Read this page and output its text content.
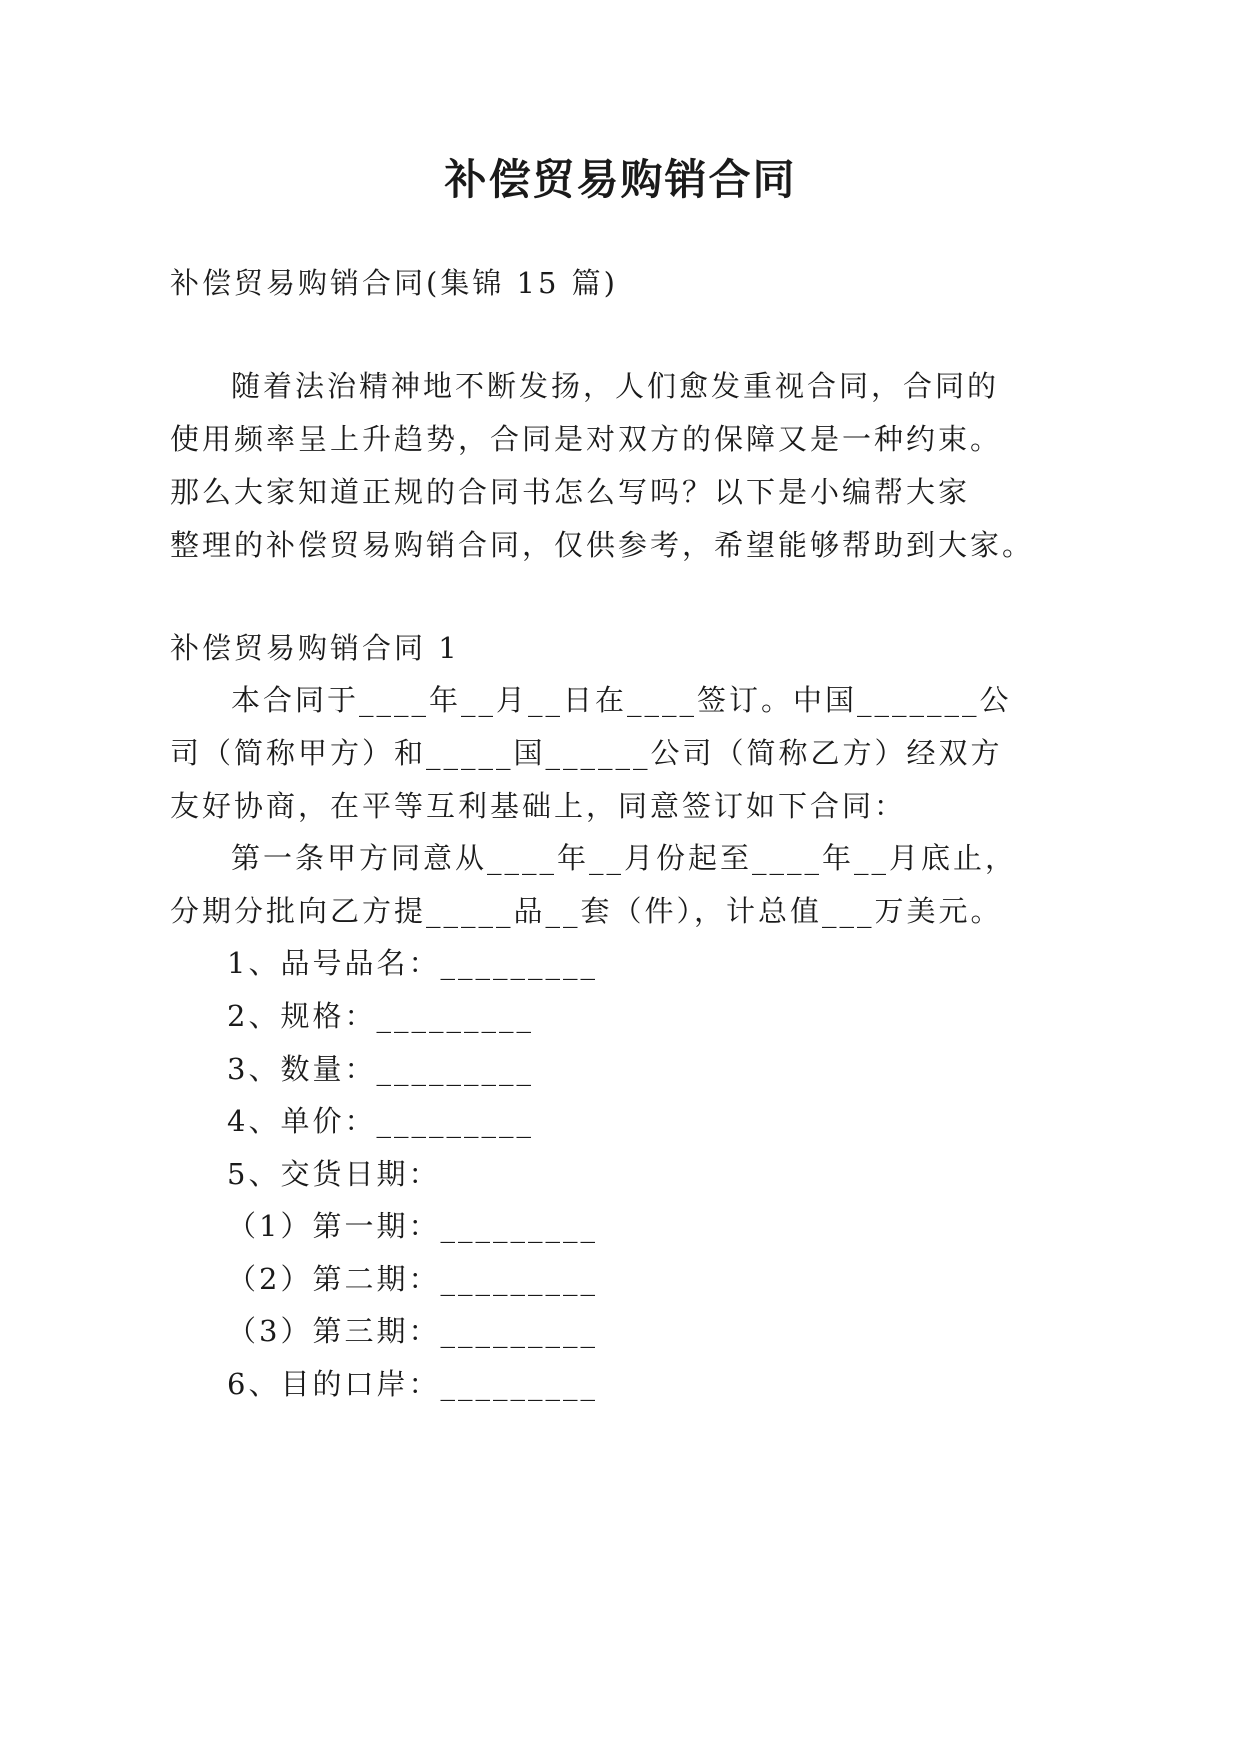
补偿贸易购销合同
补偿贸易购销合同(集锦 15 篇)
随着法治精神地不断发扬，人们愈发重视合同，合同的
使用频率呈上升趋势，合同是对双方的保障又是一种约束。
那么大家知道正规的合同书怎么写吗？以下是小编帮大家
整理的补偿贸易购销合同，仅供参考，希望能够帮助到大家。
补偿贸易购销合同 1
本合同于____年__月__日在____签订。中国_______公
司（简称甲方）和_____国______公司（简称乙方）经双方
友好协商，在平等互利基础上，同意签订如下合同：
第一条甲方同意从____年__月份起至____年__月底止，
分期分批向乙方提_____品__套（件），计总值___万美元。
1、品号品名：_________
2、规格：_________
3、数量：_________
4、单价：_________
5、交货日期：
（1）第一期：_________
（2）第二期：_________
（3）第三期：_________
6、目的口岸：_________
